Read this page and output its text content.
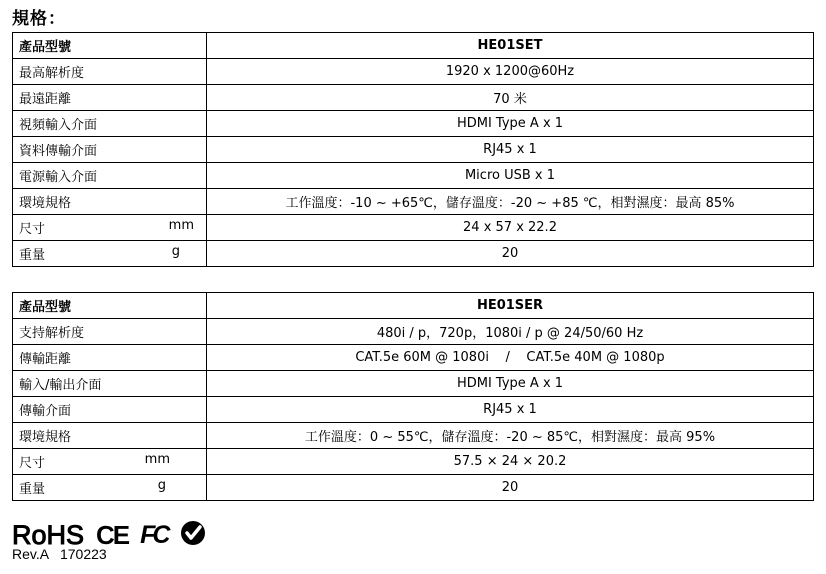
規格：
產品型號	HE01SET
最高解析度	1920 x 1200@60Hz
最遠距離	70 米
視頻輸入介面	HDMI Type A x 1
資料傳輸介面	RJ45 x 1
電源輸入介面	Micro USB x 1
環境規格	工作溫度：-10 ~ +65℃，儲存溫度：-20 ~ +85 ℃，相對濕度：最高 85%
尺寸 mm	24 x 57 x 22.2
重量 g	20
產品型號	HE01SER
支持解析度	480i / p，720p，1080i / p @ 24/50/60 Hz
傳輸距離	CAT.5e 60M @ 1080i    /    CAT.5e 40M @ 1080p
輸入/輸出介面	HDMI Type A x 1
傳輸介面	RJ45 x 1
環境規格	工作溫度：0 ~ 55℃，儲存溫度：-20 ~ 85℃，相對濕度：最高 95%
尺寸 mm	57.5 × 24 × 20.2
重量 g	20
RoHS CE FC
Rev.A   170223
